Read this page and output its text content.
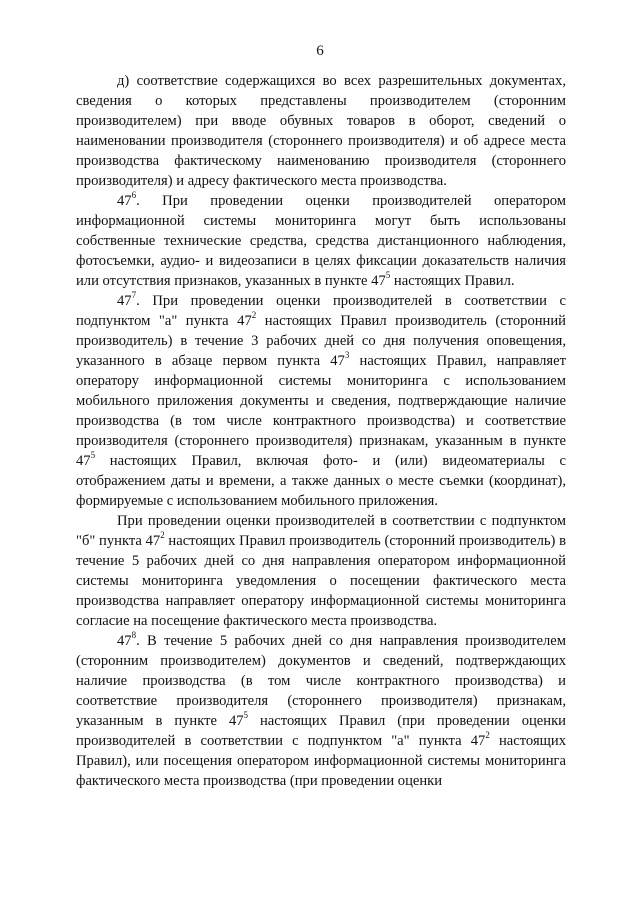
6

д) соответствие содержащихся во всех разрешительных документах, сведения о которых представлены производителем (сторонним производителем) при вводе обувных товаров в оборот, сведений о наименовании производителя (стороннего производителя) и об адресе места производства фактическому наименованию производителя (стороннего производителя) и адресу фактического места производства.

$47^6$. При проведении оценки производителей оператором информационной системы мониторинга могут быть использованы собственные технические средства, средства дистанционного наблюдения, фотосъемки, аудио- и видеозаписи в целях фиксации доказательств наличия или отсутствия признаков, указанных в пункте $47^5$ настоящих Правил.

$47^7$. При проведении оценки производителей в соответствии с подпунктом "а" пункта $47^2$ настоящих Правил производитель (сторонний производитель) в течение 3 рабочих дней со дня получения оповещения, указанного в абзаце первом пункта $47^3$ настоящих Правил, направляет оператору информационной системы мониторинга с использованием мобильного приложения документы и сведения, подтверждающие наличие производства (в том числе контрактного производства) и соответствие производителя (стороннего производителя) признакам, указанным в пункте $47^5$ настоящих Правил, включая фото- и (или) видеоматериалы с отображением даты и времени, а также данных о месте съемки (координат), формируемые с использованием мобильного приложения.

При проведении оценки производителей в соответствии с подпунктом "б" пункта $47^2$ настоящих Правил производитель (сторонний производитель) в течение 5 рабочих дней со дня направления оператором информационной системы мониторинга уведомления о посещении фактического места производства направляет оператору информационной системы мониторинга согласие на посещение фактического места производства.

$47^8$. В течение 5 рабочих дней со дня направления производителем (сторонним производителем) документов и сведений, подтверждающих наличие производства (в том числе контрактного производства) и соответствие производителя (стороннего производителя) признакам, указанным в пункте $47^5$ настоящих Правил (при проведении оценки производителей в соответствии с подпунктом "а" пункта $47^2$ настоящих Правил), или посещения оператором информационной системы мониторинга фактического места производства (при проведении оценки
